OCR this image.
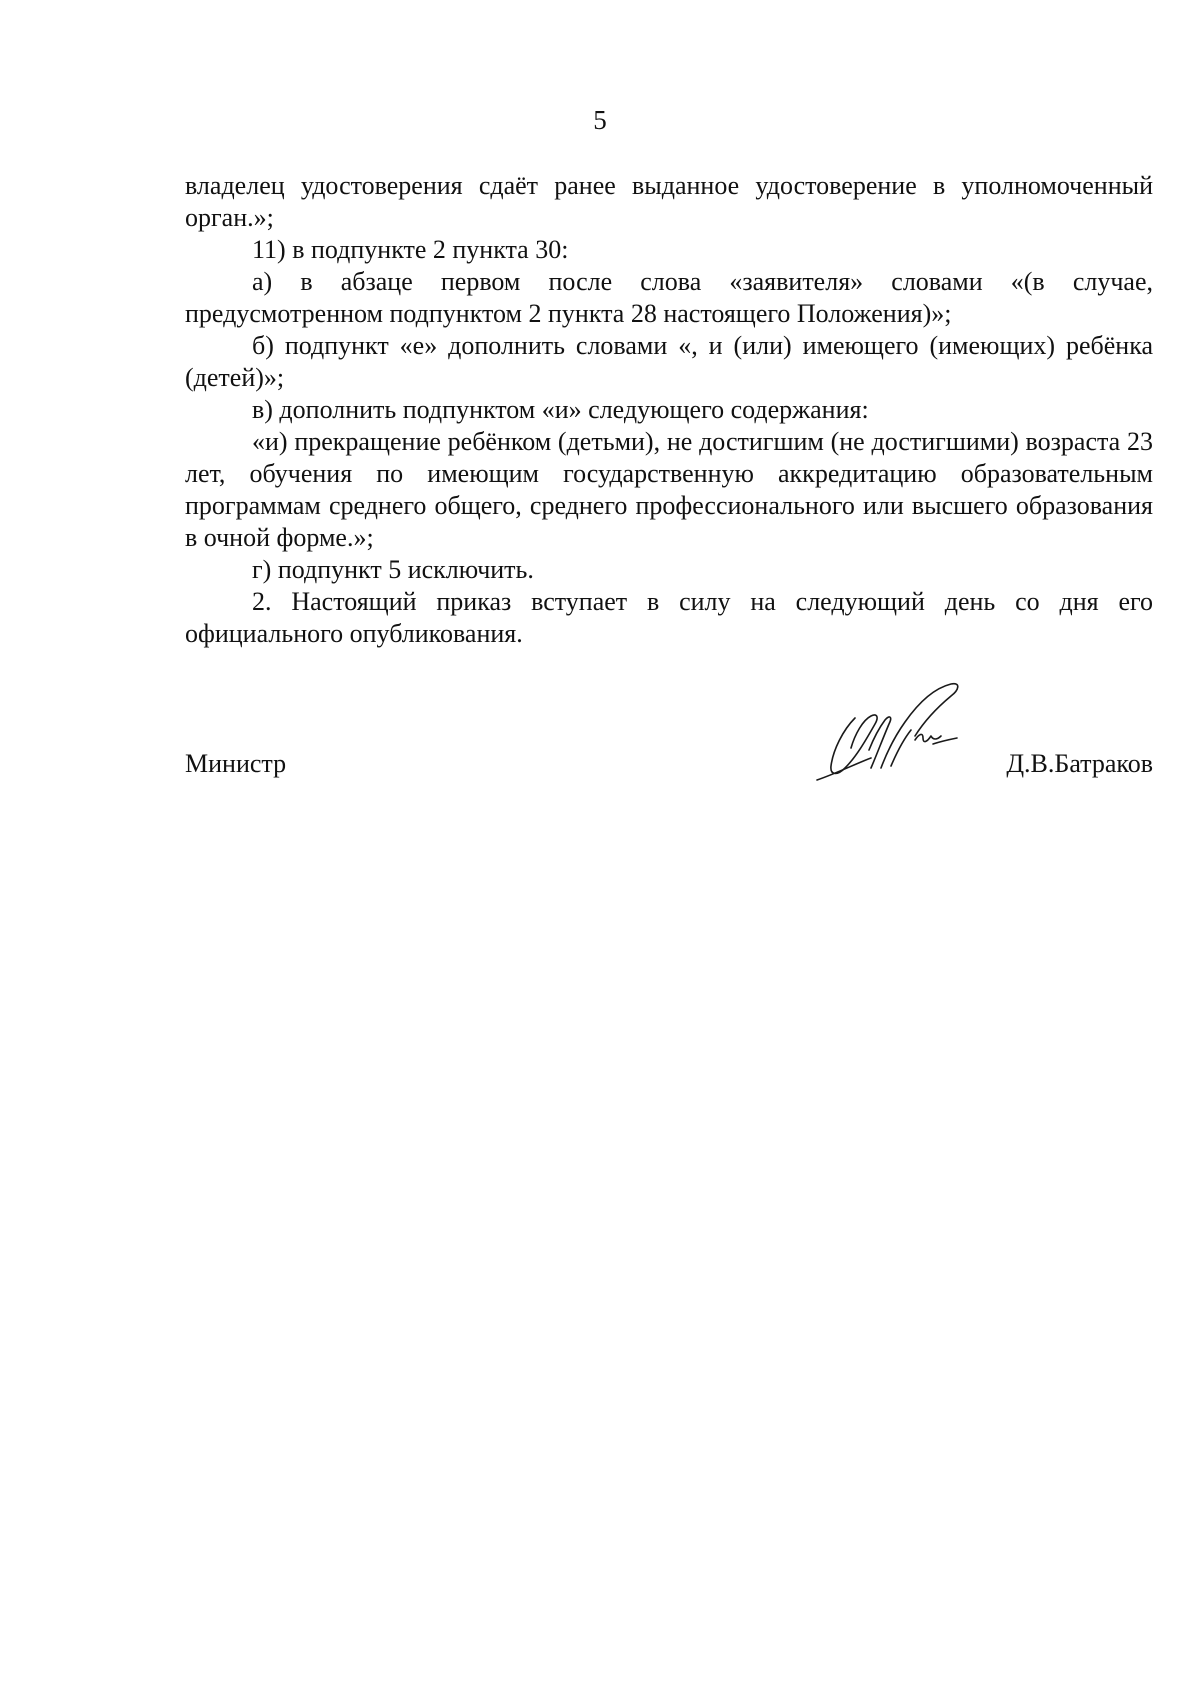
5

владелец удостоверения сдаёт ранее выданное удостоверение в уполномоченный орган.»;

11) в подпункте 2 пункта 30:

а) в абзаце первом после слова «заявителя» словами «(в случае, предусмотренном подпунктом 2 пункта 28 настоящего Положения)»;

б) подпункт «е» дополнить словами «, и (или) имеющего (имеющих) ребёнка (детей)»;

в) дополнить подпунктом «и» следующего содержания:

«и) прекращение ребёнком (детьми), не достигшим (не достигшими) возраста 23 лет, обучения по имеющим государственную аккредитацию образовательным программам среднего общего, среднего профессионального или высшего образования в очной форме.»;

г) подпункт 5 исключить.

2. Настоящий приказ вступает в силу на следующий день со дня его официального опубликования.

Министр	Д.В.Батраков
